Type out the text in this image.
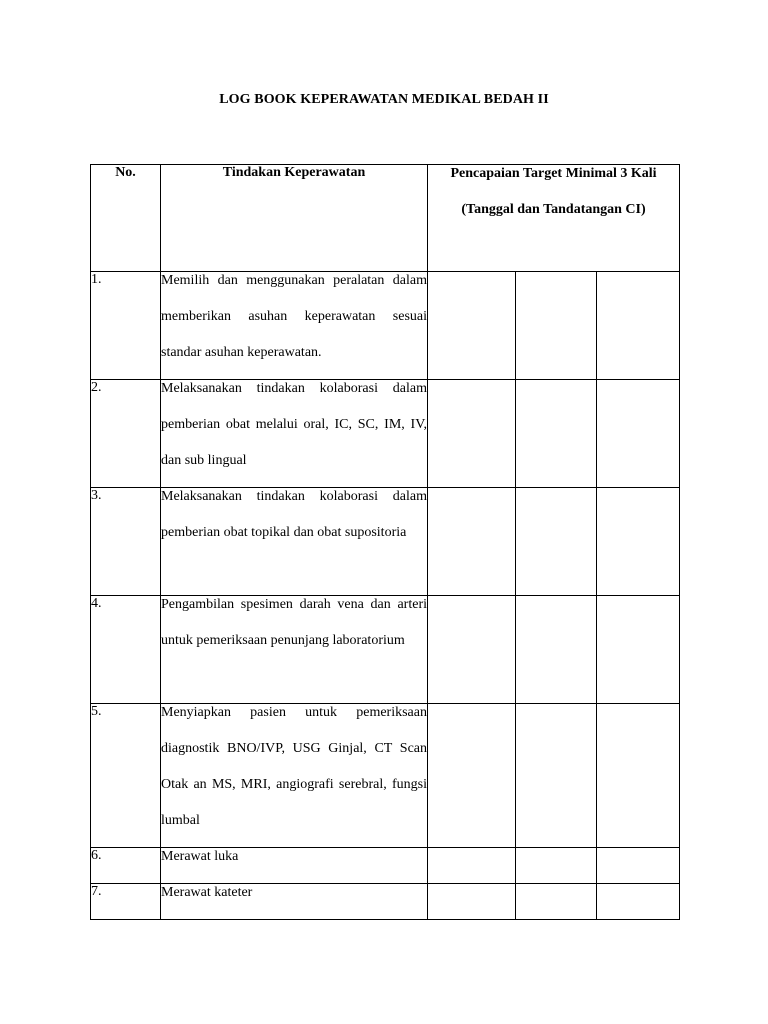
LOG BOOK KEPERAWATAN MEDIKAL BEDAH II
No.	Tindakan Keperawatan	Pencapaian Target Minimal 3 Kali
(Tanggal dan Tandatangan CI)		

1.	Memilih dan menggunakan peralatan dalam memberikan asuhan keperawatan sesuai standar asuhan keperawatan.			

2.	Melaksanakan tindakan kolaborasi dalam pemberian obat melalui oral, IC, SC, IM, IV, dan sub lingual			

3.	Melaksanakan tindakan kolaborasi dalam pemberian obat topikal dan obat supositoria			

4.	Pengambilan spesimen darah vena dan arteri untuk pemeriksaan penunjang laboratorium			

5.	Menyiapkan pasien untuk pemeriksaan diagnostik BNO/IVP, USG Ginjal, CT Scan Otak an MS, MRI, angiografi serebral, fungsi lumbal			

6.	Merawat luka			

7.	Merawat kateter			
